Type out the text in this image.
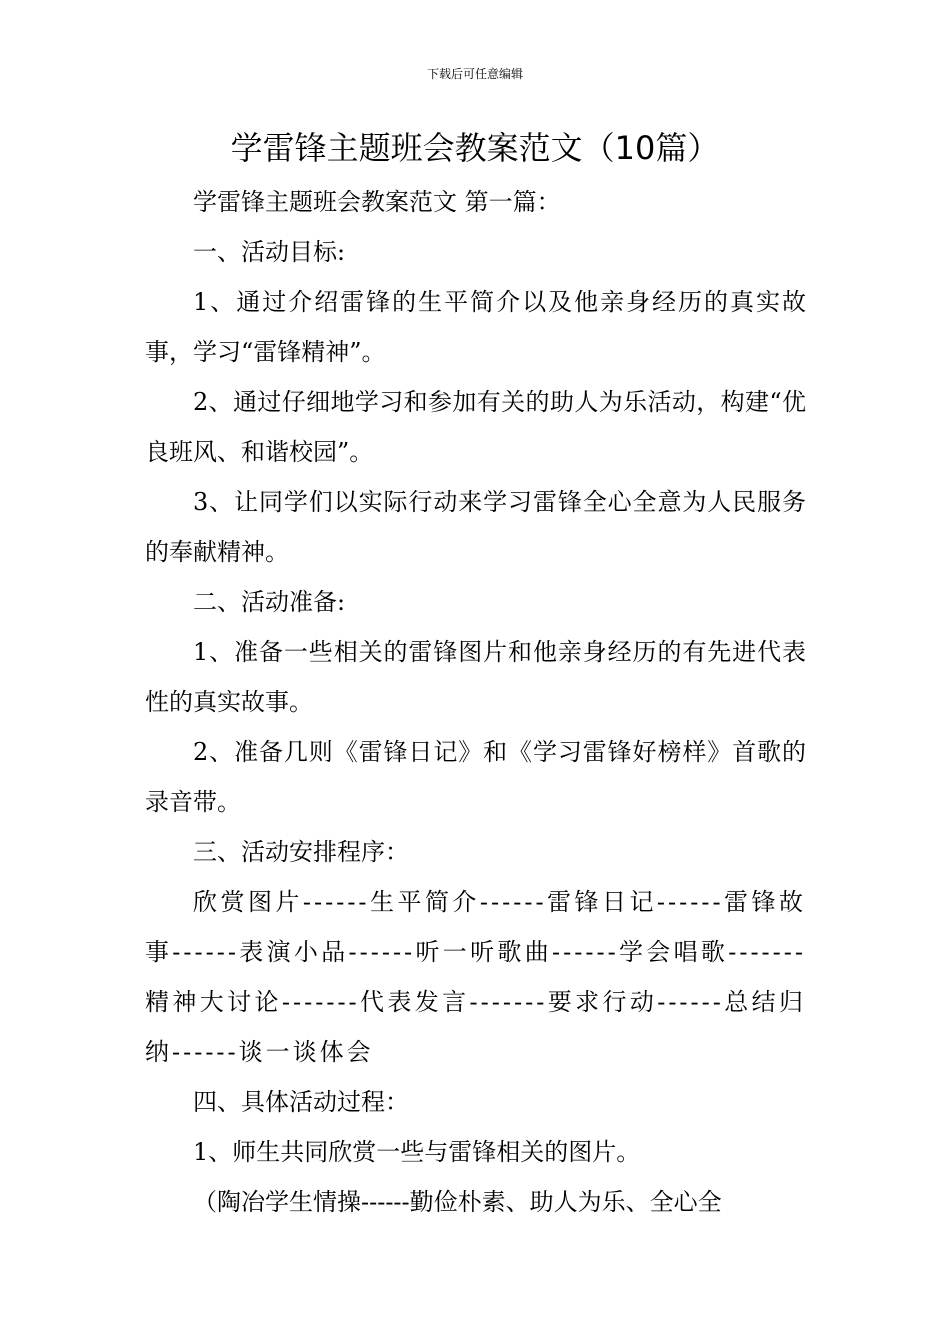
下载后可任意编辑
学雷锋主题班会教案范文（10篇）

学雷锋主题班会教案范文 第一篇：

一、活动目标:

1、通过介绍雷锋的生平简介以及他亲身经历的真实故事，学习“雷锋精神”。

2、通过仔细地学习和参加有关的助人为乐活动，构建“优良班风、和谐校园”。

3、让同学们以实际行动来学习雷锋全心全意为人民服务的奉献精神。

二、活动准备:

1、准备一些相关的雷锋图片和他亲身经历的有先进代表性的真实故事。

2、准备几则《雷锋日记》和《学习雷锋好榜样》首歌的录音带。

三、活动安排程序：

欣赏图片------生平简介------雷锋日记------雷锋故事------表演小品------听一听歌曲------学会唱歌-------精神大讨论-------代表发言-------要求行动------总结归纳------谈一谈体会

四、具体活动过程：

1、师生共同欣赏一些与雷锋相关的图片。

（陶冶学生情操------勤俭朴素、助人为乐、全心全
